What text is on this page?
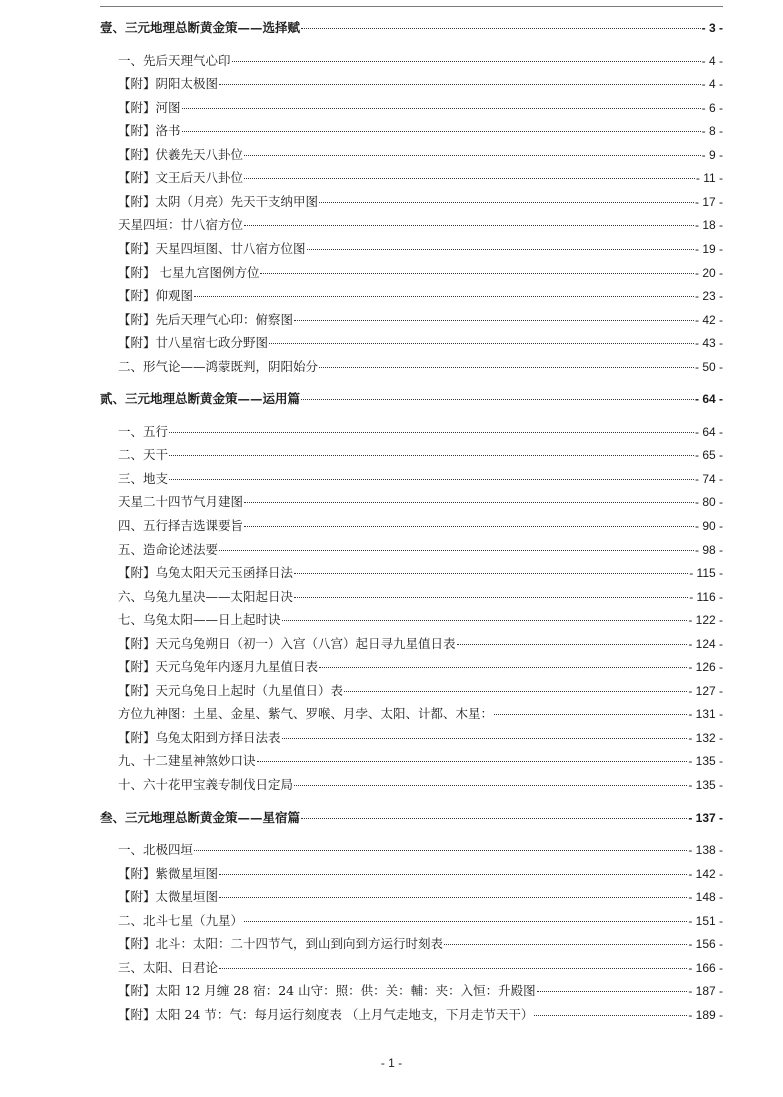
壹、三元地理总断黄金策——选择赋	- 3 -
一、先后天理气心印	- 4 -
【附】阴阳太极图	- 4 -
【附】河图	- 6 -
【附】洛书	- 8 -
【附】伏羲先天八卦位	- 9 -
【附】文王后天八卦位	- 11 -
【附】太阴（月亮）先天干支纳甲图	- 17 -
天星四垣：廿八宿方位	- 18 -
【附】天星四垣图、廿八宿方位图	- 19 -
【附】 七星九宫图例方位	- 20 -
【附】仰观图	- 23 -
【附】先后天理气心印：俯察图	- 42 -
【附】廿八星宿七政分野图	- 43 -
二、形气论——鸿蒙既判，阴阳始分	- 50 -
贰、三元地理总断黄金策——运用篇	- 64 -
一、五行	- 64 -
二、天干	- 65 -
三、地支	- 74 -
天星二十四节气月建图	- 80 -
四、五行择吉选课要旨	- 90 -
五、造命论述法要	- 98 -
【附】乌兔太阳天元玉函择日法	- 115 -
六、乌兔九星决——太阳起日决	- 116 -
七、乌兔太阳——日上起时诀	- 122 -
【附】天元乌兔朔日（初一）入宫（八宫）起日寻九星值日表	- 124 -
【附】天元乌兔年内逐月九星值日表	- 126 -
【附】天元乌兔日上起时（九星值日）表	- 127 -
方位九神图：土星、金星、紫气、罗喉、月孛、太阳、计都、木星：	- 131 -
【附】乌兔太阳到方择日法表	- 132 -
九、十二建星神煞妙口诀	- 135 -
十、六十花甲宝義专制伐日定局	- 135 -
叁、三元地理总断黄金策——星宿篇	- 137 -
一、北极四垣	- 138 -
【附】紫微星垣图	- 142 -
【附】太微星垣图	- 148 -
二、北斗七星（九星）	- 151 -
【附】北斗：太阳：二十四节气，到山到向到方运行时刻表	- 156 -
三、太阳、日君论	- 166 -
【附】太阳 12 月缠 28 宿：24 山守：照：供：关：輔：夹：入恒：升殿图	- 187 -
【附】太阳 24 节：气：每月运行刻度表 （上月气走地支，下月走节天干）	- 189 -
- 1 -
